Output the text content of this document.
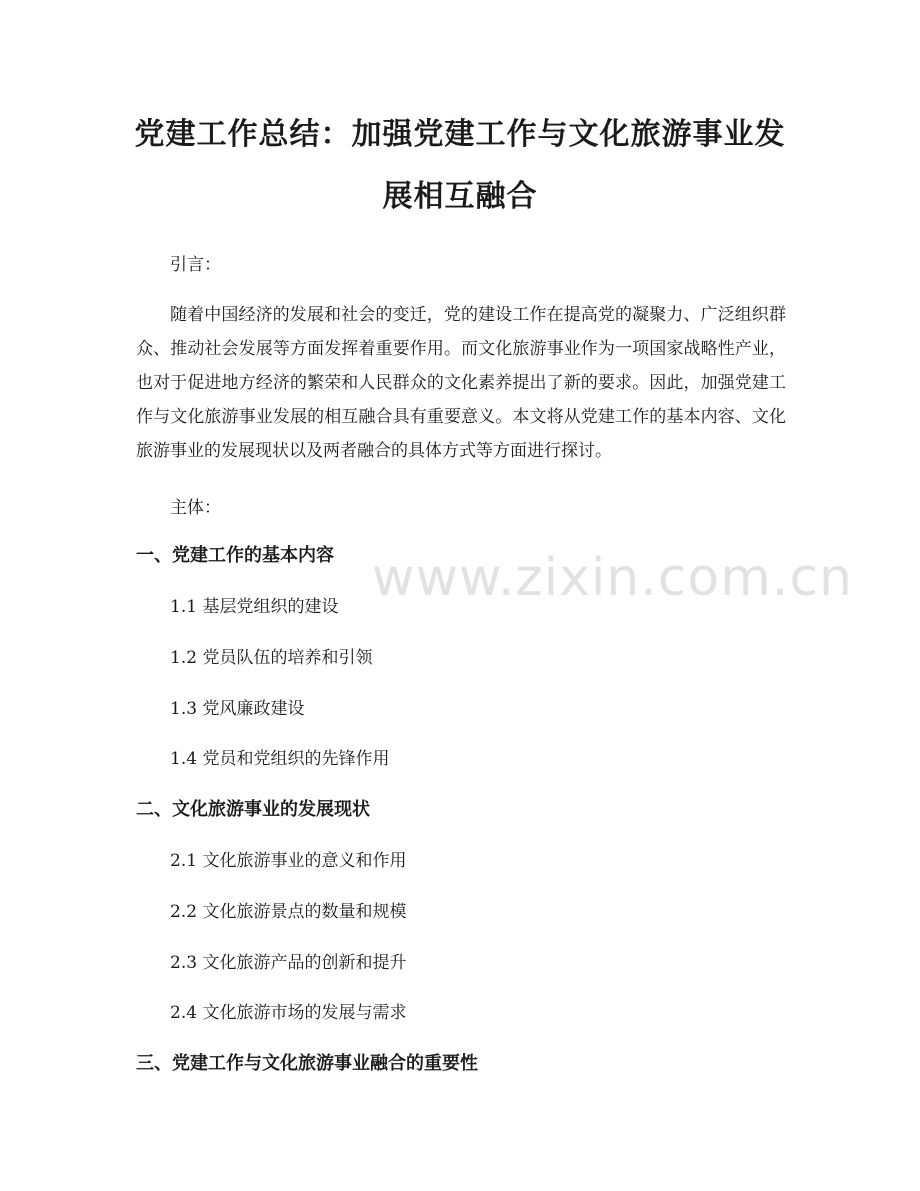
党建工作总结：加强党建工作与文化旅游事业发展相互融合

引言：

随着中国经济的发展和社会的变迁，党的建设工作在提高党的凝聚力、广泛组织群众、推动社会发展等方面发挥着重要作用。而文化旅游事业作为一项国家战略性产业，也对于促进地方经济的繁荣和人民群众的文化素养提出了新的要求。因此，加强党建工作与文化旅游事业发展的相互融合具有重要意义。本文将从党建工作的基本内容、文化旅游事业的发展现状以及两者融合的具体方式等方面进行探讨。

主体：

一、党建工作的基本内容

1.1 基层党组织的建设

1.2 党员队伍的培养和引领

1.3 党风廉政建设

1.4 党员和党组织的先锋作用

二、文化旅游事业的发展现状

2.1 文化旅游事业的意义和作用

2.2 文化旅游景点的数量和规模

2.3 文化旅游产品的创新和提升

2.4 文化旅游市场的发展与需求

三、党建工作与文化旅游事业融合的重要性

www.zixin.com.cn
